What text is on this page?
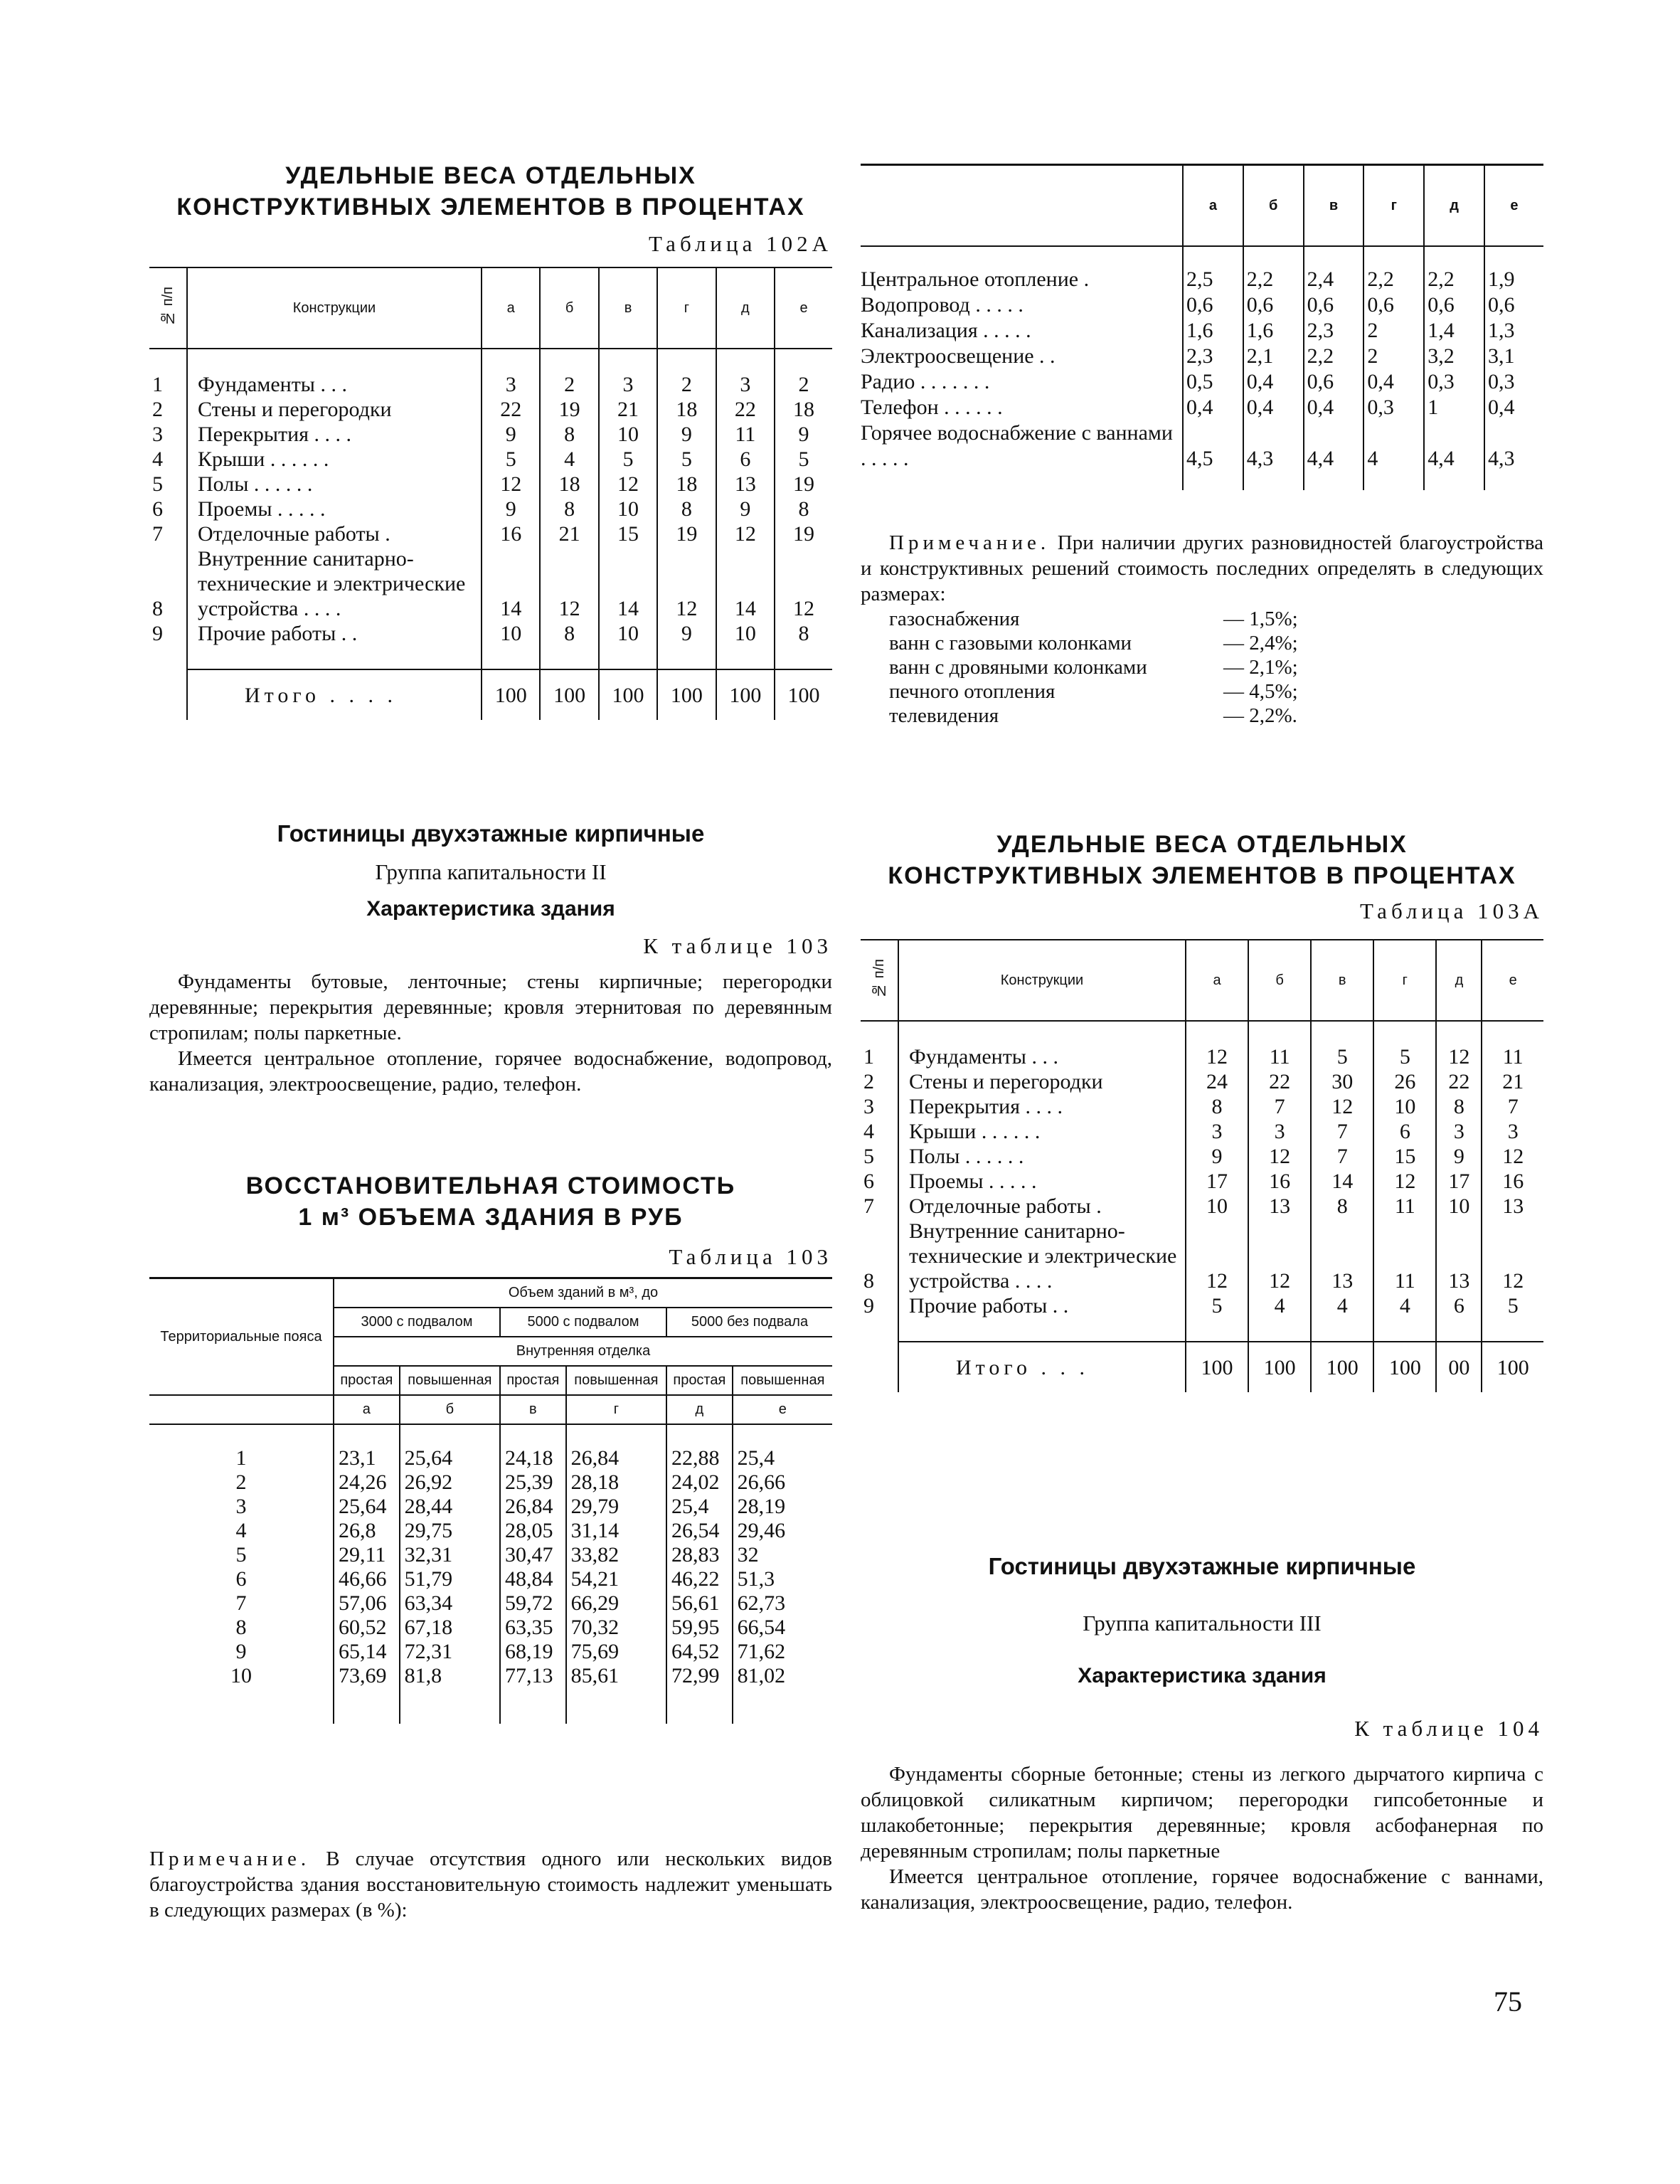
УДЕЛЬНЫЕ ВЕСА ОТДЕЛЬНЫХ
КОНСТРУКТИВНЫХ ЭЛЕМЕНТОВ В ПРОЦЕНТАХ
Таблица 102А
№ п/п	Конструкции	а	б	в	г	д	е

1	Фундаменты . . .	3	2	3	2	3	2
2	Стены и перегородки	22	19	21	18	22	18
3	Перекрытия . . . .	9	8	10	9	11	9
4	Крыши . . . . . .	5	4	5	5	6	5
5	Полы . . . . . .	12	18	12	18	13	19
6	Проемы . . . . .	9	8	10	8	9	8
7	Отделочные работы .	16	21	15	19	12	19
8	Внутренние санитарно-технические и электрические устройства . . . .	14	12	14	12	14	12
9	Прочие работы . .	10	8	10	9	10	8

	Итого . . . .	100	100	100	100	100	100
Гостиницы двухэтажные кирпичные
Группа капитальности II
Характеристика здания
К таблице 103

Фундаменты бутовые, ленточные; стены кирпичные; перегородки деревянные; перекрытия деревянные; кровля этернитовая по деревянным стропилам; полы паркетные.

Имеется центральное отопление, горячее водоснабжение, водопровод, канализация, электроосвещение, радио, телефон.

ВОССТАНОВИТЕЛЬНАЯ СТОИМОСТЬ
1 м³ ОБЪЕМА ЗДАНИЯ В РУБ
Таблица 103
Территориальные пояса	Объем зданий в м³, до					
	3000 с подвалом		5000 с подвалом		5000 без подвала	
	Внутренняя отделка					
	простая	повышенная	простая	повышенная	простая	повышенная
	а	б	в	г	д	е

1	23,1	25,64	24,18	26,84	22,88	25,4
2	24,26	26,92	25,39	28,18	24,02	26,66
3	25,64	28,44	26,84	29,79	25,4	28,19
4	26,8	29,75	28,05	31,14	26,54	29,46
5	29,11	32,31	30,47	33,82	28,83	32
6	46,66	51,79	48,84	54,21	46,22	51,3
7	57,06	63,34	59,72	66,29	56,61	62,73
8	60,52	67,18	63,35	70,32	59,95	66,54
9	65,14	72,31	68,19	75,69	64,52	71,62
10	73,69	81,8	77,13	85,61	72,99	81,02

Примечание. В случае отсутствия одного или нескольких видов благоустройства здания восстановительную стоимость надлежит уменьшать в следующих размерах (в %):
	а	б	в	г	д	е

Центральное отопление .	2,5	2,2	2,4	2,2	2,2	1,9
Водопровод . . . . .	0,6	0,6	0,6	0,6	0,6	0,6
Канализация . . . . .	1,6	1,6	2,3	2	1,4	1,3
Электроосвещение . .	2,3	2,1	2,2	2	3,2	3,1
Радио . . . . . . .	0,5	0,4	0,6	0,4	0,3	0,3
Телефон . . . . . .	0,4	0,4	0,4	0,3	1	0,4
Горячее водоснабжение с ваннами . . . . .	4,5	4,3	4,4	4	4,4	4,3

Примечание. При наличии других разновидностей благоустройства и конструктивных решений стоимость последних определять в следующих размерах:
газоснабжения	— 1,5%;
ванн с газовыми колонками	— 2,4%;
ванн с дровяными колонками	— 2,1%;
печного отопления	— 4,5%;
телевидения	— 2,2%.
УДЕЛЬНЫЕ ВЕСА ОТДЕЛЬНЫХ
КОНСТРУКТИВНЫХ ЭЛЕМЕНТОВ В ПРОЦЕНТАХ
Таблица 103А
№ п/п	Конструкции	а	б	в	г	д	е

1	Фундаменты . . .	12	11	5	5	12	11
2	Стены и перегородки	24	22	30	26	22	21
3	Перекрытия . . . .	8	7	12	10	8	7
4	Крыши . . . . . .	3	3	7	6	3	3
5	Полы . . . . . .	9	12	7	15	9	12
6	Проемы . . . . .	17	16	14	12	17	16
7	Отделочные работы .	10	13	8	11	10	13
8	Внутренние санитарно-технические и электрические устройства . . . .	12	12	13	11	13	12
9	Прочие работы . .	5	4	4	4	6	5

	Итого . . .	100	100	100	100	00	100
Гостиницы двухэтажные кирпичные
Группа капитальности III
Характеристика здания
К таблице 104

Фундаменты сборные бетонные; стены из легкого дырчатого кирпича с облицовкой силикатным кирпичом; перегородки гипсобетонные и шлакобетонные; перекрытия деревянные; кровля асбофанерная по деревянным стропилам; полы паркетные

Имеется центральное отопление, горячее водоснабжение с ваннами, канализация, электроосвещение, радио, телефон.

75
